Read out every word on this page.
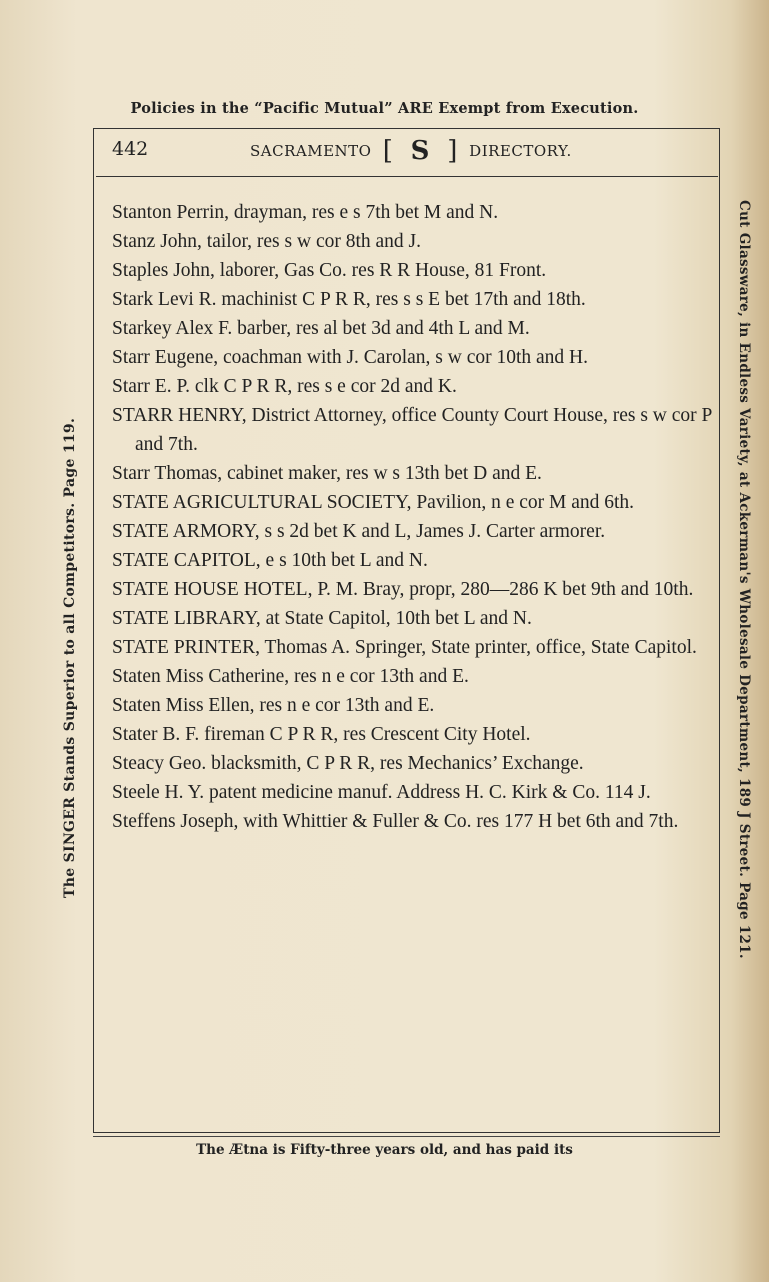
Policies in the “Pacific Mutual” ARE Exempt from Execution.
442	SACRAMENTO [ S ] DIRECTORY.

Stanton Perrin, drayman, res e s 7th bet M and N.

Stanz John, tailor, res s w cor 8th and J.

Staples John, laborer, Gas Co. res R R House, 81 Front.

Stark Levi R. machinist C P R R, res s s E bet 17th and 18th.

Starkey Alex F. barber, res al bet 3d and 4th L and M.

Starr Eugene, coachman with J. Carolan, s w cor 10th and H.

Starr E. P. clk C P R R, res s e cor 2d and K.

STARR HENRY, District Attorney, office County Court House, res s w cor P and 7th.

Starr Thomas, cabinet maker, res w s 13th bet D and E.

STATE AGRICULTURAL SOCIETY, Pavilion, n e cor M and 6th.

STATE ARMORY, s s 2d bet K and L, James J. Carter armorer.

STATE CAPITOL, e s 10th bet L and N.

STATE HOUSE HOTEL, P. M. Bray, propr, 280—286 K bet 9th and 10th.

STATE LIBRARY, at State Capitol, 10th bet L and N.

STATE PRINTER, Thomas A. Springer, State printer, office, State Capitol.

Staten Miss Catherine, res n e cor 13th and E.

Staten Miss Ellen, res n e cor 13th and E.

Stater B. F. fireman C P R R, res Crescent City Hotel.

Steacy Geo. blacksmith, C P R R, res Mechanics’ Exchange.

Steele H. Y. patent medicine manuf. Address H. C. Kirk & Co. 114 J.

Steffens Joseph, with Whittier & Fuller & Co. res 177 H bet 6th and 7th.

The SINGER Stands Superior to all Competitors. Page 119.	Cut Glassware, in Endless Variety, at Ackerman's Wholesale Department, 189 J Street. Page 121.
The Ætna is Fifty-three years old, and has paid its
